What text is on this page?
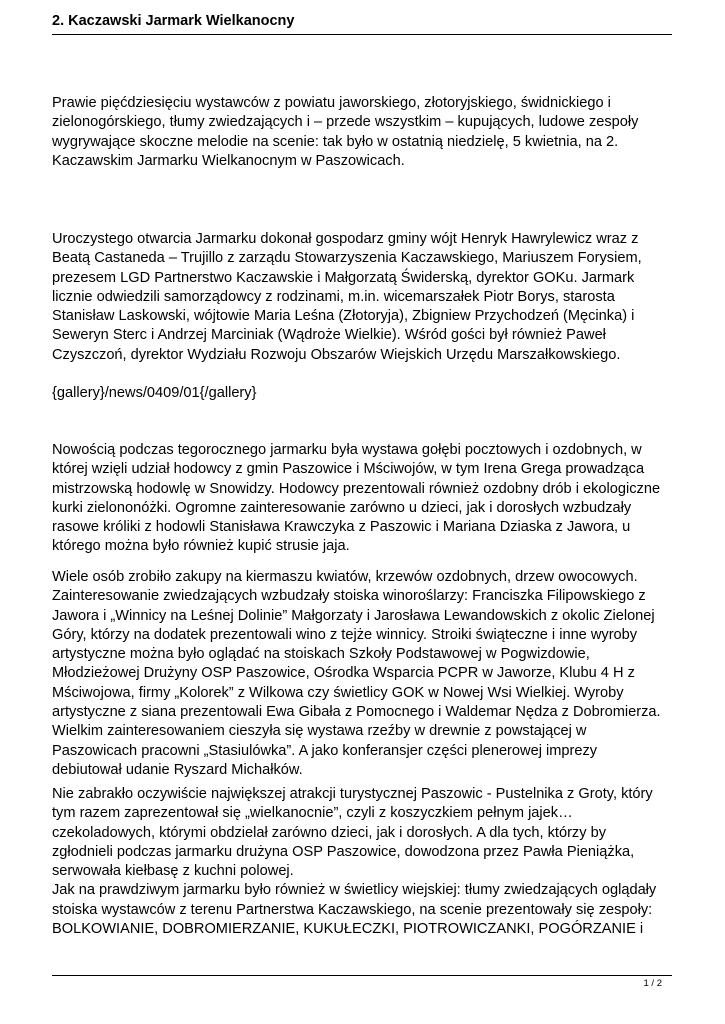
2. Kaczawski Jarmark Wielkanocny

Prawie pięćdziesięciu wystawców z powiatu jaworskiego, złotoryjskiego, świdnickiego i
zielonogórskiego, tłumy zwiedzających i – przede wszystkim – kupujących, ludowe zespoły
wygrywające skoczne melodie na scenie: tak było w ostatnią niedzielę, 5 kwietnia, na 2.
Kaczawskim Jarmarku Wielkanocnym w Paszowicach.

Uroczystego otwarcia Jarmarku dokonał gospodarz gminy wójt Henryk Hawrylewicz wraz z
Beatą Castaneda – Trujillo z zarządu Stowarzyszenia Kaczawskiego, Mariuszem Forysiem,
prezesem LGD Partnerstwo Kaczawskie i Małgorzatą Świderską, dyrektor GOKu. Jarmark
licznie odwiedzili samorządowcy z rodzinami, m.in. wicemarszałek Piotr Borys, starosta
Stanisław Laskowski, wójtowie Maria Leśna (Złotoryja), Zbigniew Przychodzeń (Męcinka) i
Seweryn Sterc i Andrzej Marciniak (Wądroże Wielkie). Wśród gości był również Paweł
Czyszczoń, dyrektor Wydziału Rozwoju Obszarów Wiejskich Urzędu Marszałkowskiego.

{gallery}/news/0409/01{/gallery}

Nowością podczas tegorocznego jarmarku była wystawa gołębi pocztowych i ozdobnych, w
której wzięli udział hodowcy z gmin Paszowice i Mściwojów, w tym Irena Grega prowadząca
mistrzowską hodowlę w Snowidzy. Hodowcy prezentowali również ozdobny drób i ekologiczne
kurki zielononóżki. Ogromne zainteresowanie zarówno u dzieci, jak i dorosłych wzbudzały
rasowe króliki z hodowli Stanisława Krawczyka z Paszowic i Mariana Dziaska z Jawora, u
którego można było również kupić strusie jaja.

Wiele osób zrobiło zakupy na kiermaszu kwiatów, krzewów ozdobnych, drzew owocowych.
Zainteresowanie zwiedzających wzbudzały stoiska winoroślarzy: Franciszka Filipowskiego z
Jawora i „Winnicy na Leśnej Dolinie” Małgorzaty i Jarosława Lewandowskich z okolic Zielonej
Góry, którzy na dodatek prezentowali wino z tejże winnicy. Stroiki świąteczne i inne wyroby
artystyczne można było oglądać na stoiskach Szkoły Podstawowej w Pogwizdowie,
Młodzieżowej Drużyny OSP Paszowice, Ośrodka Wsparcia PCPR w Jaworze, Klubu 4 H z
Mściwojowa, firmy „Kolorek” z Wilkowa czy świetlicy GOK w Nowej Wsi Wielkiej. Wyroby
artystyczne z siana prezentowali Ewa Gibała z Pomocnego i Waldemar Nędza z Dobromierza.
Wielkim zainteresowaniem cieszyła się wystawa rzeźby w drewnie z powstającej w
Paszowicach pracowni „Stasiulówka”. A jako konferansjer części plenerowej imprezy
debiutował udanie Ryszard Michałków.

Nie zabrakło oczywiście największej atrakcji turystycznej Paszowic - Pustelnika z Groty, który
tym razem zaprezentował się „wielkanocnie”, czyli z koszyczkiem pełnym jajek…
czekoladowych, którymi obdzielał zarówno dzieci, jak i dorosłych. A dla tych, którzy by
zgłodnieli podczas jarmarku drużyna OSP Paszowice, dowodzona przez Pawła Pieniążka,
serwowała kiełbasę z kuchni polowej.
Jak na prawdziwym jarmarku było również w świetlicy wiejskiej: tłumy zwiedzających oglądały
stoiska wystawców z terenu Partnerstwa Kaczawskiego, na scenie prezentowały się zespoły:
BOLKOWIANIE, DOBROMIERZANIE, KUKUŁECZKI, PIOTROWICZANKI, POGÓRZANIE i

1 / 2
